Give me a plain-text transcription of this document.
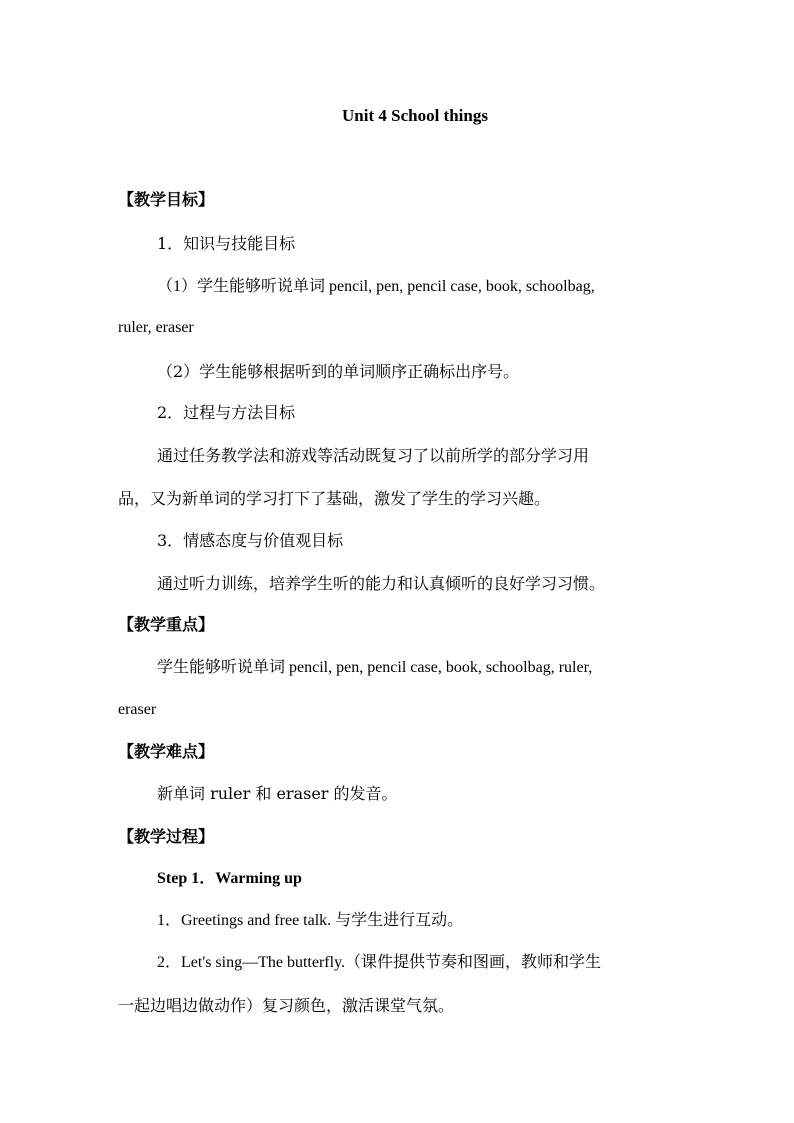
Unit 4 School things
【教学目标】
1．知识与技能目标
（1）学生能够听说单词 pencil, pen, pencil case, book, schoolbag,
ruler, eraser
（2）学生能够根据听到的单词顺序正确标出序号。
2．过程与方法目标
通过任务教学法和游戏等活动既复习了以前所学的部分学习用
品，又为新单词的学习打下了基础，激发了学生的学习兴趣。
3．情感态度与价值观目标
通过听力训练，培养学生听的能力和认真倾听的良好学习习惯。
【教学重点】
学生能够听说单词 pencil, pen, pencil case, book, schoolbag, ruler,
eraser
【教学难点】
新单词 ruler 和 eraser 的发音。
【教学过程】
Step 1．Warming up
1．Greetings and free talk. 与学生进行互动。
2．Let's sing—The butterfly.（课件提供节奏和图画，教师和学生
一起边唱边做动作）复习颜色，激活课堂气氛。
